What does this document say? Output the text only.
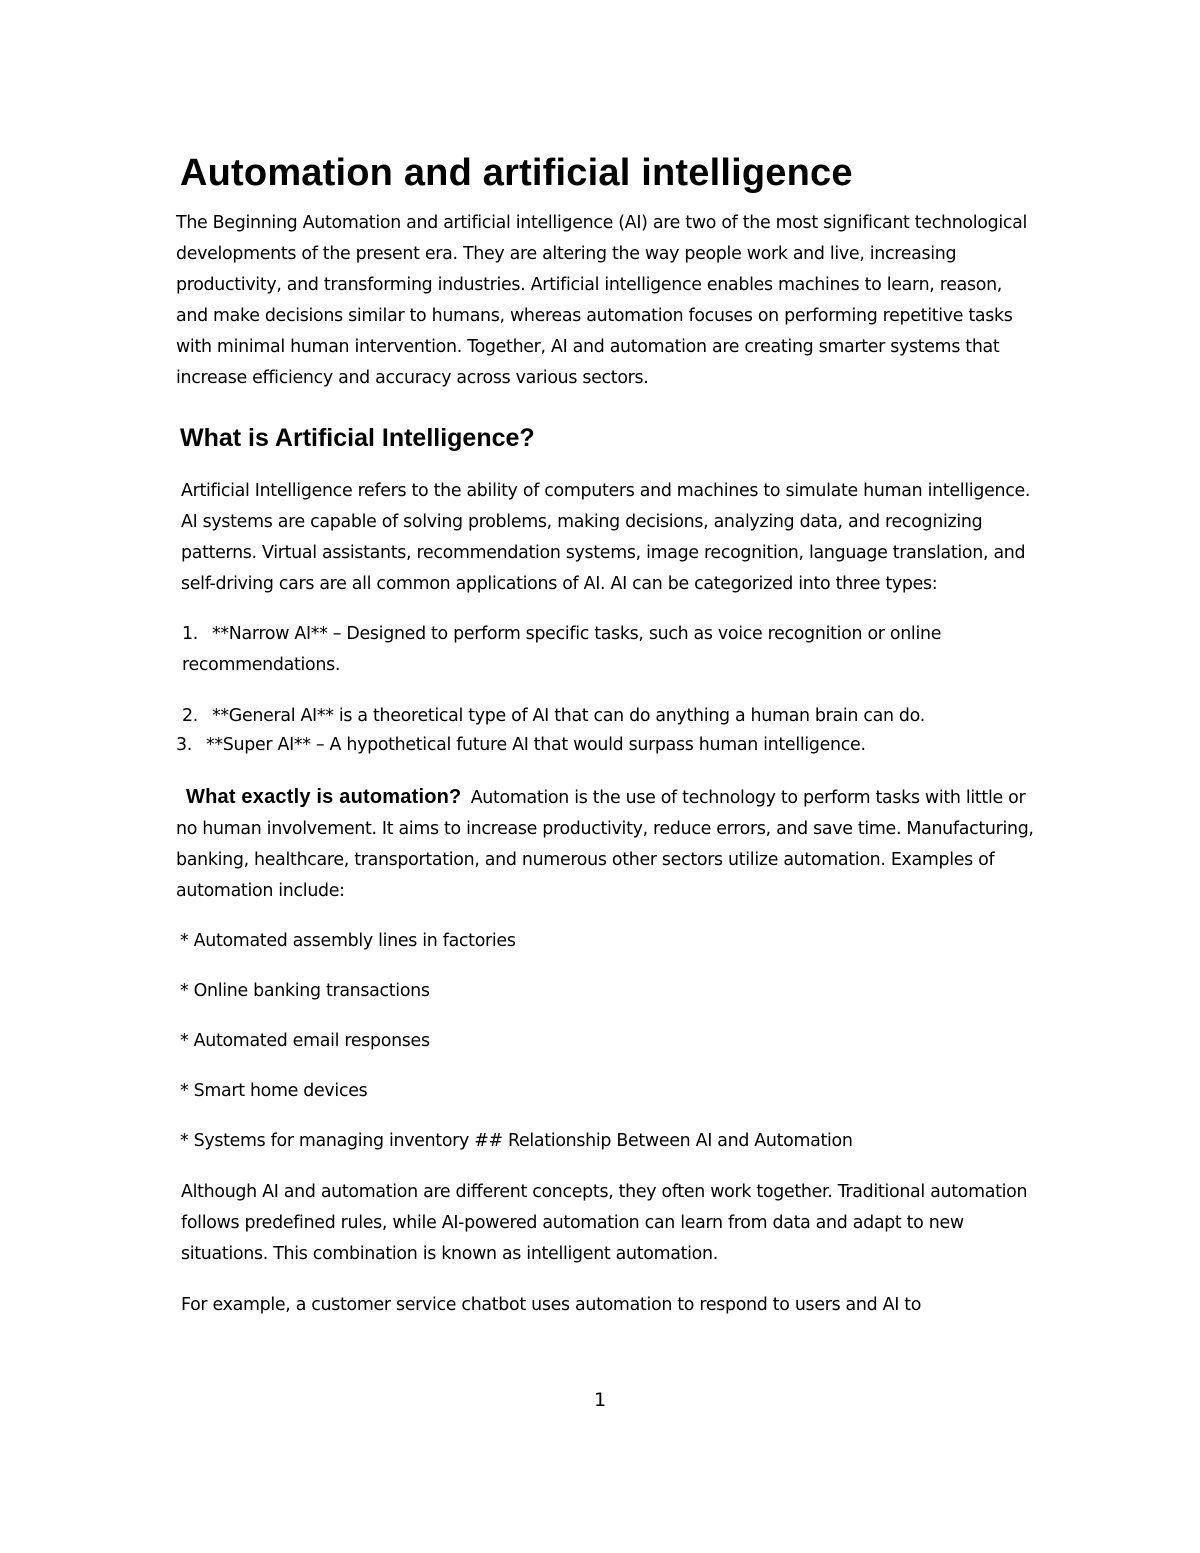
Automation and artificial intelligence

The Beginning Automation and artificial intelligence (AI) are two of the most significant technological developments of the present era. They are altering the way people work and live, increasing productivity, and transforming industries. Artificial intelligence enables machines to learn, reason, and make decisions similar to humans, whereas automation focuses on performing repetitive tasks with minimal human intervention. Together, AI and automation are creating smarter systems that increase efficiency and accuracy across various sectors.

What is Artificial Intelligence?

Artificial Intelligence refers to the ability of computers and machines to simulate human intelligence. AI systems are capable of solving problems, making decisions, analyzing data, and recognizing patterns. Virtual assistants, recommendation systems, image recognition, language translation, and self-driving cars are all common applications of AI. AI can be categorized into three types:

1. **Narrow AI** – Designed to perform specific tasks, such as voice recognition or online recommendations.

2. **General AI** is a theoretical type of AI that can do anything a human brain can do.

3. **Super AI** – A hypothetical future AI that would surpass human intelligence.

What exactly is automation? Automation is the use of technology to perform tasks with little or no human involvement. It aims to increase productivity, reduce errors, and save time. Manufacturing, banking, healthcare, transportation, and numerous other sectors utilize automation. Examples of automation include:

* Automated assembly lines in factories

* Online banking transactions

* Automated email responses

* Smart home devices

* Systems for managing inventory ## Relationship Between AI and Automation

Although AI and automation are different concepts, they often work together. Traditional automation follows predefined rules, while AI-powered automation can learn from data and adapt to new situations. This combination is known as intelligent automation.

For example, a customer service chatbot uses automation to respond to users and AI to

1
